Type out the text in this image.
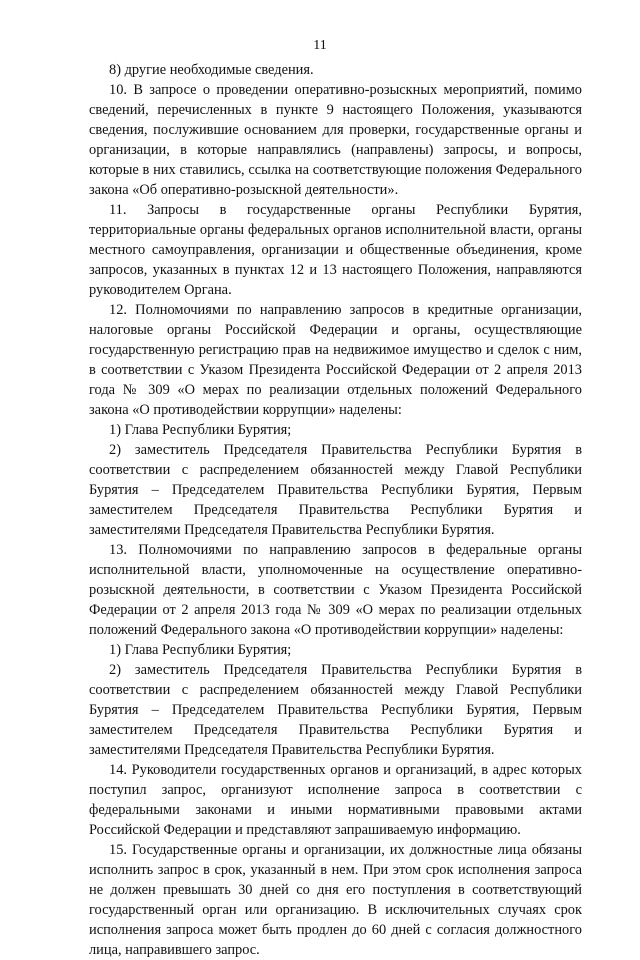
11

8) другие необходимые сведения.

10. В запросе о проведении оперативно-розыскных мероприятий, помимо сведений, перечисленных в пункте 9 настоящего Положения, указываются сведения, послужившие основанием для проверки, государственные органы и организации, в которые направлялись (направлены) запросы, и вопросы, которые в них ставились, ссылка на соответствующие положения Федерального закона «Об оперативно-розыскной деятельности».

11. Запросы в государственные органы Республики Бурятия, территориальные органы федеральных органов исполнительной власти, органы местного самоуправления, организации и общественные объединения, кроме запросов, указанных в пунктах 12 и 13 настоящего Положения, направляются руководителем Органа.

12. Полномочиями по направлению запросов в кредитные организации, налоговые органы Российской Федерации и органы, осуществляющие государственную регистрацию прав на недвижимое имущество и сделок с ним, в соответствии с Указом Президента Российской Федерации от 2 апреля 2013 года № 309 «О мерах по реализации отдельных положений Федерального закона «О противодействии коррупции» наделены:

1) Глава Республики Бурятия;

2) заместитель Председателя Правительства Республики Бурятия в соответствии с распределением обязанностей между Главой Республики Бурятия – Председателем Правительства Республики Бурятия, Первым заместителем Председателя Правительства Республики Бурятия и заместителями Председателя Правительства Республики Бурятия.

13. Полномочиями по направлению запросов в федеральные органы исполнительной власти, уполномоченные на осуществление оперативно-розыскной деятельности, в соответствии с Указом Президента Российской Федерации от 2 апреля 2013 года № 309 «О мерах по реализации отдельных положений Федерального закона «О противодействии коррупции» наделены:

1) Глава Республики Бурятия;

2) заместитель Председателя Правительства Республики Бурятия в соответствии с распределением обязанностей между Главой Республики Бурятия – Председателем Правительства Республики Бурятия, Первым заместителем Председателя Правительства Республики Бурятия и заместителями Председателя Правительства Республики Бурятия.

14. Руководители государственных органов и организаций, в адрес которых поступил запрос, организуют исполнение запроса в соответствии с федеральными законами и иными нормативными правовыми актами Российской Федерации и представляют запрашиваемую информацию.

15. Государственные органы и организации, их должностные лица обязаны исполнить запрос в срок, указанный в нем. При этом срок исполнения запроса не должен превышать 30 дней со дня его поступления в соответствующий государственный орган или организацию. В исключительных случаях срок исполнения запроса может быть продлен до 60 дней с согласия должностного лица, направившего запрос.
